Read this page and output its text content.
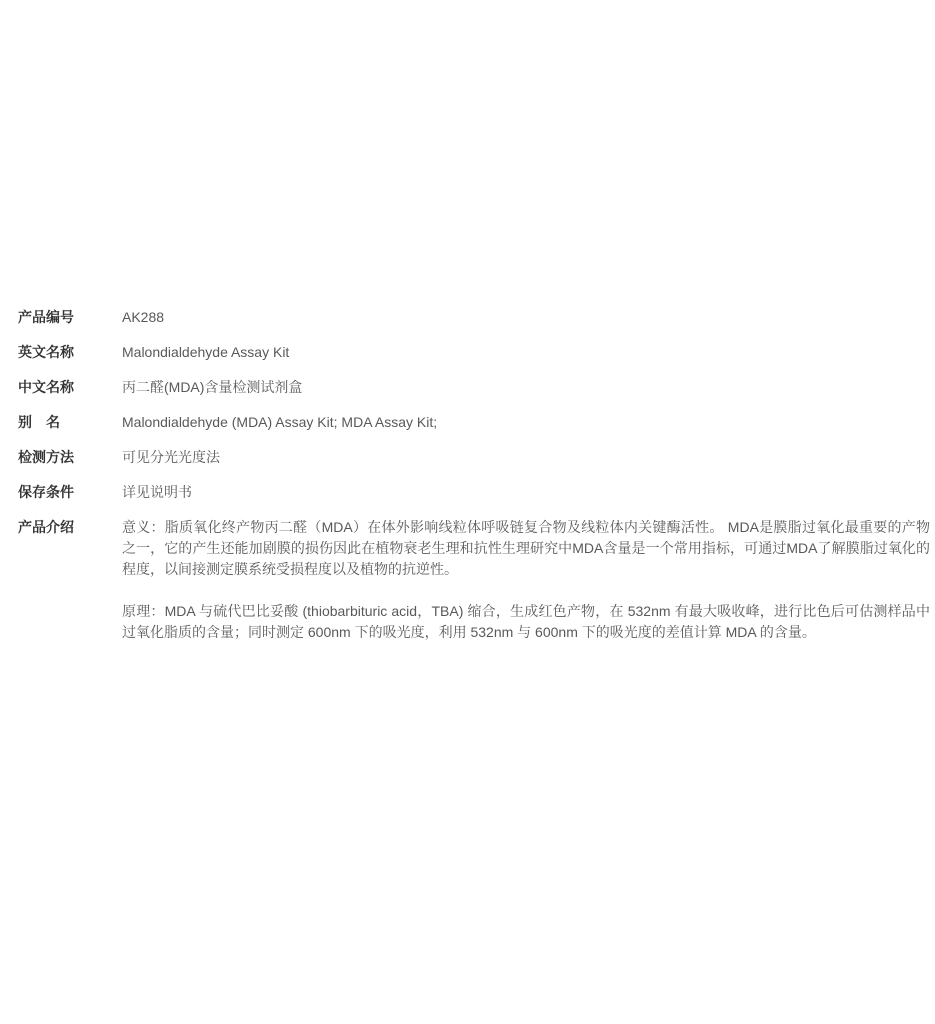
产品编号	AK288
英文名称	Malondialdehyde Assay Kit
中文名称	丙二醛(MDA)含量检测试剂盒
别　名	Malondialdehyde (MDA) Assay Kit; MDA Assay Kit;
检测方法	可见分光光度法
保存条件	详见说明书
产品介绍	意义：脂质氧化终产物丙二醛（MDA）在体外影响线粒体呼吸链复合物及线粒体内关键酶活性。 MDA是膜脂过氧化最重要的产物之一，它的产生还能加剧膜的损伤因此在植物衰老生理和抗性生理研究中MDA含量是一个常用指标，可通过MDA了解膜脂过氧化的程度，以间接测定膜系统受损程度以及植物的抗逆性。

原理：MDA 与硫代巴比妥酸 (thiobarbituric acid，TBA) 缩合，生成红色产物，在 532nm 有最大吸收峰，进行比色后可估测样品中过氧化脂质的含量；同时测定 600nm 下的吸光度，利用 532nm 与 600nm 下的吸光度的差值计算 MDA 的含量。
